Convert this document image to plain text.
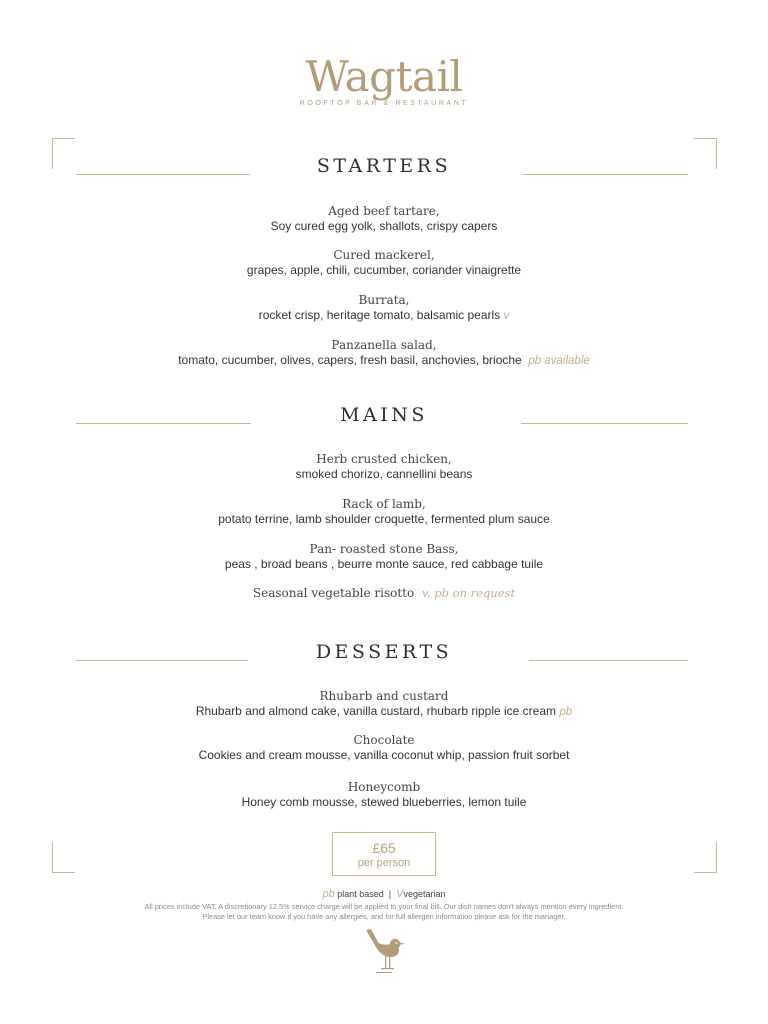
Wagtail
ROOFTOP BAR & RESTAURANT
STARTERS
Aged beef tartare,
Soy cured egg yolk, shallots, crispy capers
Cured mackerel,
grapes, apple, chili, cucumber, coriander vinaigrette
Burrata,
rocket crisp, heritage tomato, balsamic pearls v
Panzanella salad,
tomato, cucumber, olives, capers, fresh basil, anchovies, brioche pb available
MAINS
Herb crusted chicken,
smoked chorizo, cannellini beans
Rack of lamb,
potato terrine, lamb shoulder croquette, fermented plum sauce
Pan- roasted stone Bass,
peas , broad beans , beurre monte sauce, red cabbage tuile
Seasonal vegetable risotto v, pb on request
DESSERTS
Rhubarb and custard
Rhubarb and almond cake, vanilla custard, rhubarb ripple ice cream pb
Chocolate
Cookies and cream mousse, vanilla coconut whip, passion fruit sorbet
Honeycomb
Honey comb mousse, stewed blueberries, lemon tuile
£65
per person
pb plant based | Vvegetarian
All prices include VAT. A discretionary 12.5% service charge will be applied to your final bill. Our dish names don't always mention every ingredient.
Please let our team know if you have any allergies, and for full allergen information please ask for the manager.
